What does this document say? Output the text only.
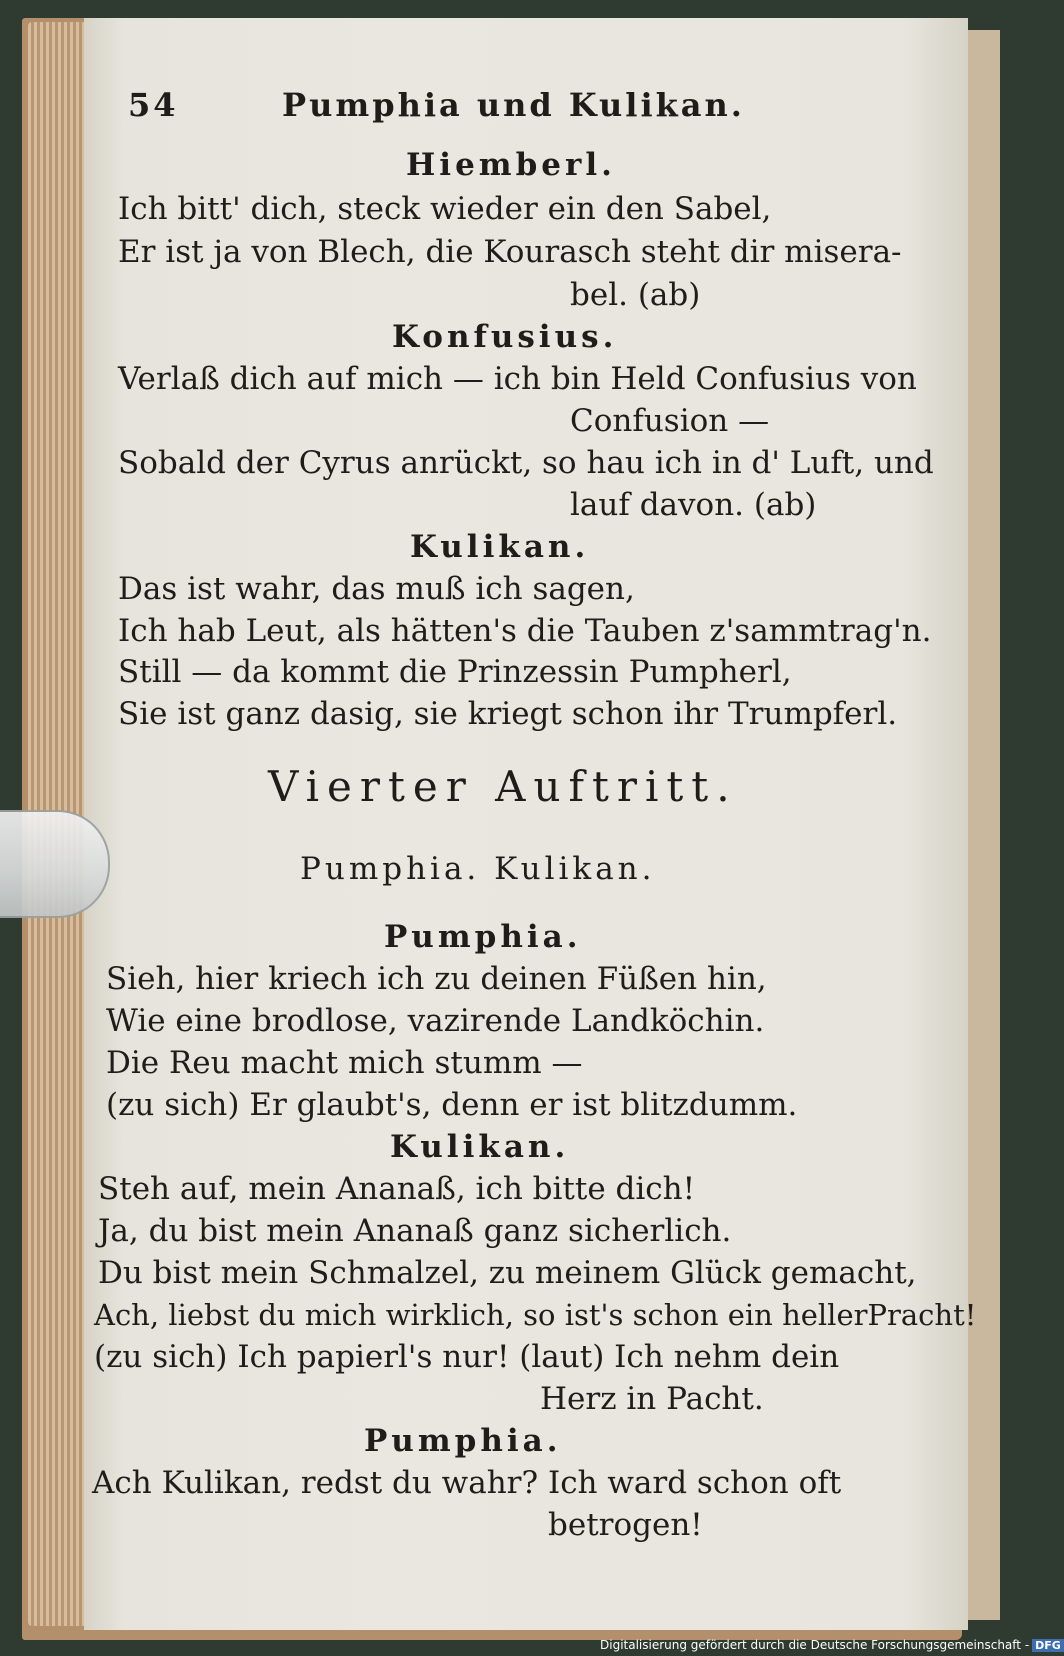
54	Pumphia und Kulikan.
Hiemberl.
Ich bitt' dich, steck wieder ein den Sabel,
Er ist ja von Blech, die Kourasch steht dir misera-
bel. (ab)
Konfusius.
Verlaß dich auf mich — ich bin Held Confusius von
Confusion —
Sobald der Cyrus anrückt, so hau ich in d' Luft, und
lauf davon. (ab)
Kulikan.
Das ist wahr, das muß ich sagen,
Ich hab Leut, als hätten's die Tauben z'sammtrag'n.
Still — da kommt die Prinzessin Pumpherl,
Sie ist ganz dasig, sie kriegt schon ihr Trumpferl.
Vierter Auftritt.
Pumphia. Kulikan.
Pumphia.
Sieh, hier kriech ich zu deinen Füßen hin,
Wie eine brodlose, vazirende Landköchin.
Die Reu macht mich stumm —
(zu sich) Er glaubt's, denn er ist blitzdumm.
Kulikan.
Steh auf, mein Ananaß, ich bitte dich!
Ja, du bist mein Ananaß ganz sicherlich.
Du bist mein Schmalzel, zu meinem Glück gemacht,
Ach, liebst du mich wirklich, so ist's schon ein hellerPracht!
(zu sich) Ich papierl's nur! (laut) Ich nehm dein
Herz in Pacht.
Pumphia.
Ach Kulikan, redst du wahr? Ich ward schon oft
betrogen!
Digitalisierung gefördert durch die Deutsche Forschungsgemeinschaft - DFG
